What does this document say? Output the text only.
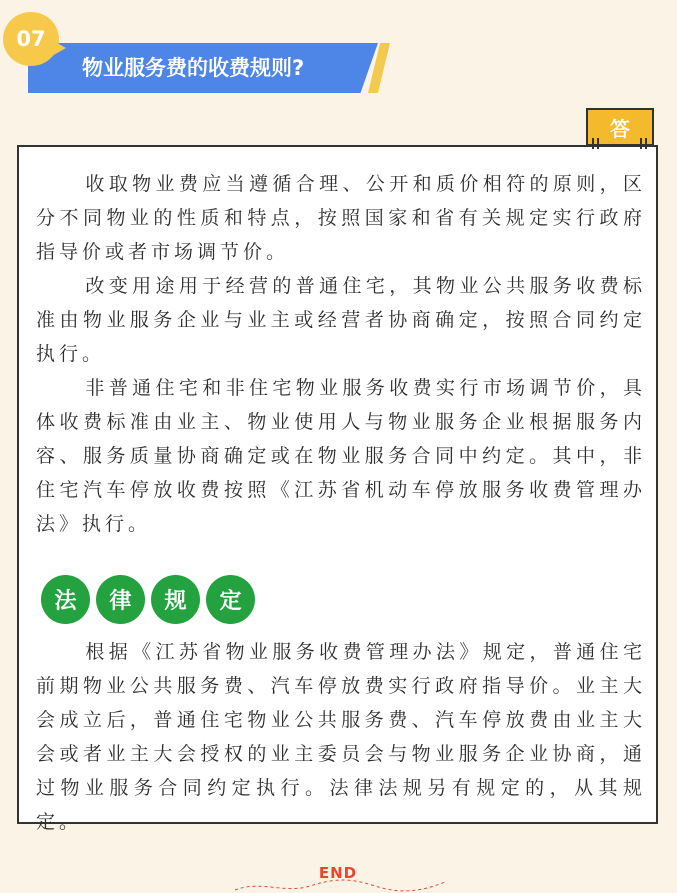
07
物业服务费的收费规则?
答

收取物业费应当遵循合理、公开和质价相符的原则，区分不同物业的性质和特点，按照国家和省有关规定实行政府指导价或者市场调节价。

改变用途用于经营的普通住宅，其物业公共服务收费标准由物业服务企业与业主或经营者协商确定，按照合同约定执行。

非普通住宅和非住宅物业服务收费实行市场调节价，具体收费标准由业主、物业使用人与物业服务企业根据服务内容、服务质量协商确定或在物业服务合同中约定。其中，非住宅汽车停放收费按照《江苏省机动车停放服务收费管理办法》执行。

法	律	规	定

根据《江苏省物业服务收费管理办法》规定，普通住宅前期物业公共服务费、汽车停放费实行政府指导价。业主大会成立后，普通住宅物业公共服务费、汽车停放费由业主大会或者业主大会授权的业主委员会与物业服务企业协商，通过物业服务合同约定执行。法律法规另有规定的，从其规定。

END
